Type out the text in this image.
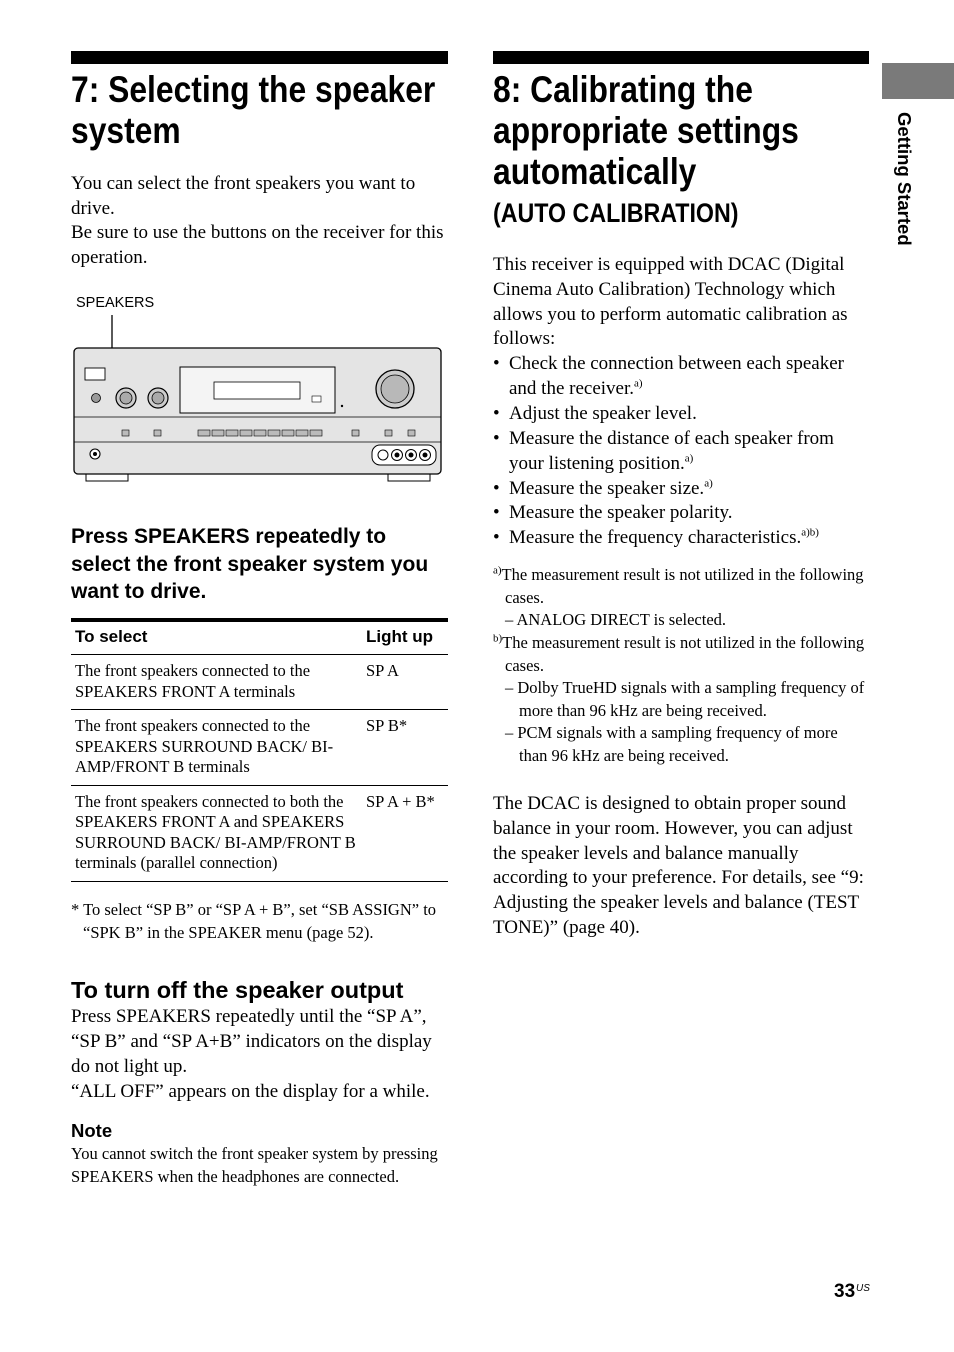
Getting Started
7: Selecting the speaker
system

You can select the front speakers you want to drive.

Be sure to use the buttons on the receiver for this operation.

SPEAKERS

Press SPEAKERS repeatedly to select the front speaker system you want to drive.

To select	Light up
The front speakers connected to the SPEAKERS FRONT A terminals	SP A
The front speakers connected to the SPEAKERS SURROUND BACK/ BI-AMP/FRONT B terminals	SP B*
The front speakers connected to both the SPEAKERS FRONT A and SPEAKERS SURROUND BACK/ BI-AMP/FRONT B terminals (parallel connection)	SP A + B*

* To select “SP B” or “SP A + B”, set “SB ASSIGN” to “SPK B” in the SPEAKER menu (page 52).

To turn off the speaker output

Press SPEAKERS repeatedly until the “SP A”, “SP B” and “SP A+B” indicators on the display do not light up.

“ALL OFF” appears on the display for a while.

Note

You cannot switch the front speaker system by pressing SPEAKERS when the headphones are connected.

8: Calibrating the
appropriate settings
automatically
(AUTO CALIBRATION)

This receiver is equipped with DCAC (Digital Cinema Auto Calibration) Technology which allows you to perform automatic calibration as follows:

• Check the connection between each speaker and the receiver.$^{a)}$
• Adjust the speaker level.
• Measure the distance of each speaker from your listening position.$^{a)}$
• Measure the speaker size.$^{a)}$
• Measure the speaker polarity.
• Measure the frequency characteristics.$^{a)b)}$
$^{a)}$The measurement result is not utilized in the following cases.
– ANALOG DIRECT is selected.
$^{b)}$The measurement result is not utilized in the following cases.
– Dolby TrueHD signals with a sampling frequency of more than 96 kHz are being received.
– PCM signals with a sampling frequency of more than 96 kHz are being received.

The DCAC is designed to obtain proper sound balance in your room. However, you can adjust the speaker levels and balance manually according to your preference. For details, see “9: Adjusting the speaker levels and balance (TEST TONE)” (page 40).

33 US
